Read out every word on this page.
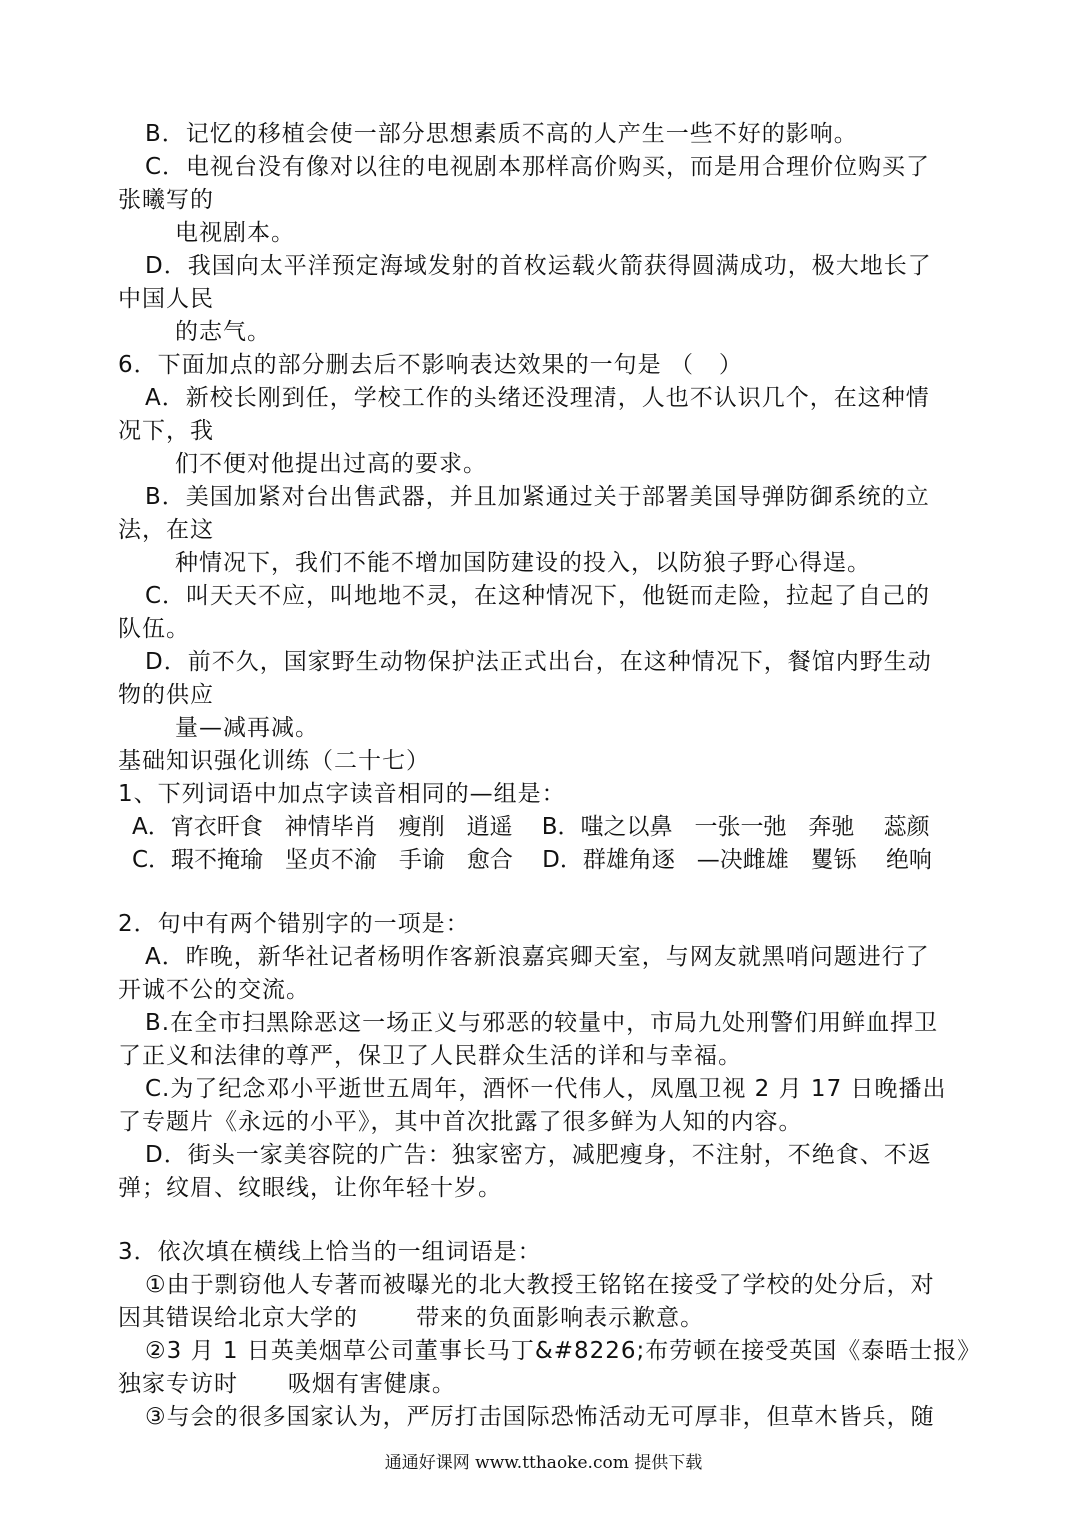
B．记忆的移植会使一部分思想素质不高的人产生一些不好的影响。
C．电视台没有像对以往的电视剧本那样高价购买，而是用合理价位购买了
张曦写的
电视剧本。
D．我国向太平洋预定海域发射的首枚运载火箭获得圆满成功，极大地长了
中国人民
的志气。
6．下面加点的部分删去后不影响表达效果的一句是 （   ）
A．新校长刚到任，学校工作的头绪还没理清，人也不认识几个，在这种情
况下，我
们不便对他提出过高的要求。
B．美国加紧对台出售武器，并且加紧通过关于部署美国导弹防御系统的立
法，在这
种情况下，我们不能不增加国防建设的投入，以防狼子野心得逞。
C．叫天天不应，叫地地不灵，在这种情况下，他铤而走险，拉起了自己的
队伍。
D．前不久，国家野生动物保护法正式出台，在这种情况下，餐馆内野生动
物的供应
量—减再减。
基础知识强化训练（二十七）
1、下列词语中加点字读音相同的—组是：
A．宵衣旰食   神情毕肖   瘦削   逍遥    B．嗤之以鼻   一张一弛   奔驰    蕊颜
C．瑕不掩瑜   坚贞不渝   手谕   愈合    D．群雄角逐   —决雌雄   矍铄    绝响
2．句中有两个错别字的一项是：
A．昨晚，新华社记者杨明作客新浪嘉宾卿天室，与网友就黑哨问题进行了
开诚不公的交流。
B.在全市扫黑除恶这一场正义与邪恶的较量中，市局九处刑警们用鲜血捍卫
了正义和法律的尊严，保卫了人民群众生活的详和与幸福。
C.为了纪念邓小平逝世五周年，酒怀一代伟人，凤凰卫视 2 月 17 日晚播出
了专题片《永远的小平》，其中首次批露了很多鲜为人知的内容。
D．街头一家美容院的广告：独家密方，减肥瘦身，不注射，不绝食、不返
弹；纹眉、纹眼线，让你年轻十岁。
3．依次填在横线上恰当的一组词语是：
①由于剽窃他人专著而被曝光的北大教授王铭铭在接受了学校的处分后，对
因其错误给北京大学的       带来的负面影响表示歉意。
②3 月 1 日英美烟草公司董事长马丁&#8226;布劳顿在接受英国《泰晤士报》
独家专访时      吸烟有害健康。
③与会的很多国家认为，严厉打击国际恐怖活动无可厚非，但草木皆兵，随
通通好课网 www.tthaoke.com 提供下载
